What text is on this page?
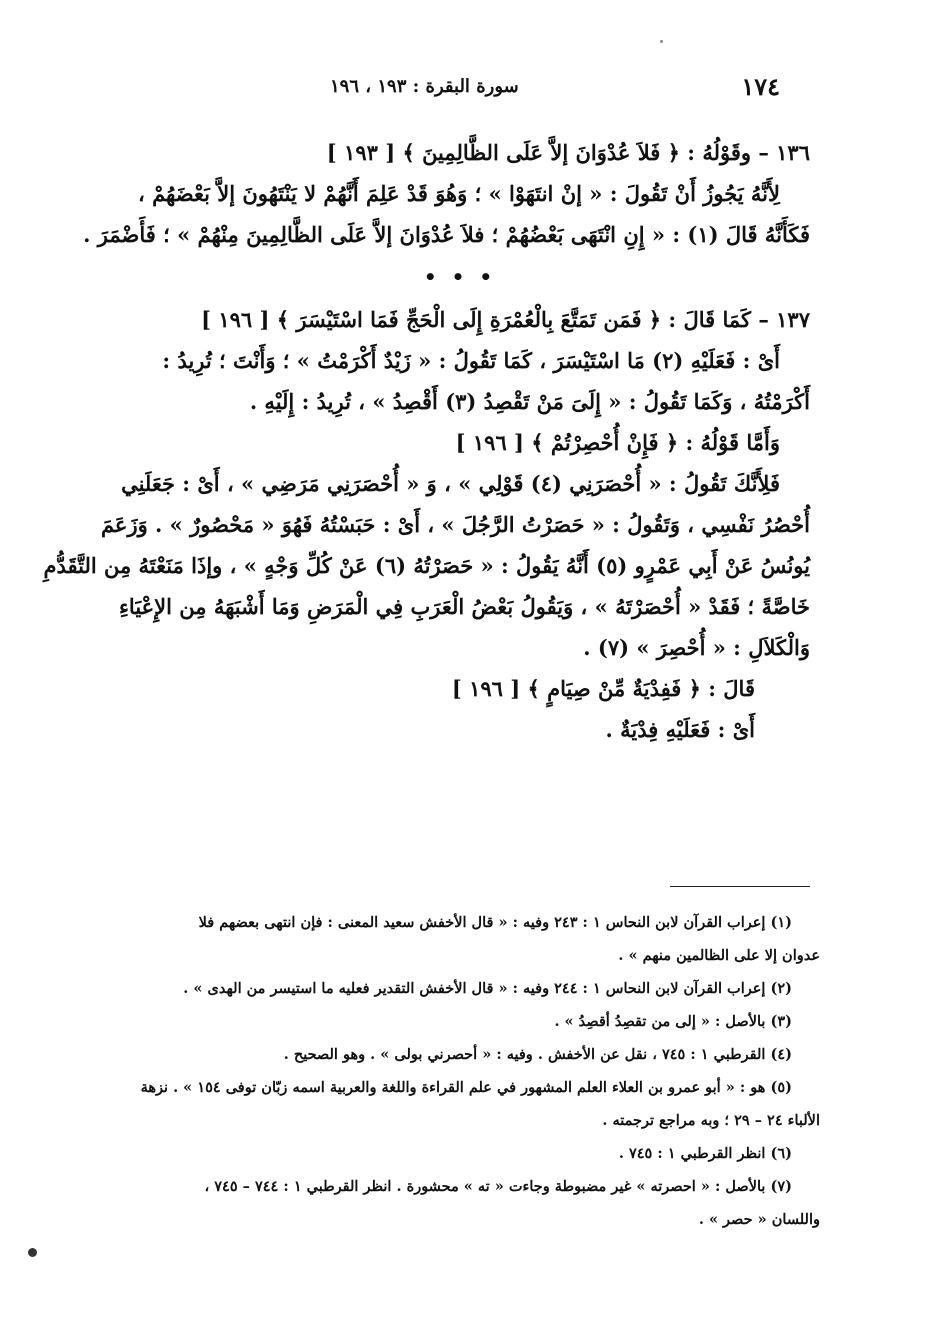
١٧٤
سورة البقرة : ١٩٣ ، ١٩٦
١٣٦ – وقَوْلُهُ : ﴿ فَلاَ عُدْوَانَ إلاَّ عَلَى الظَّالِمِينَ ﴾ [ ١٩٣ ]
لِأَنَّهُ يَجُوزُ أَنْ تَقُولَ : « إنْ انتَهَوْا » ؛ وَهُوَ قَدْ عَلِمَ أَنَّهُمْ لا يَنْتَهُونَ إلاَّ بَعْضَهُمْ ،
فَكَأَنَّهُ قَالَ (١) : « إِنِ انْتَهَى بَعْضُهُمْ ؛ فلاَ عُدْوَانَ إلاَّ عَلَى الظَّالِمِينَ مِنْهُمْ » ؛ فَأَضْمَرَ .
• • •
١٣٧ – كَمَا قَالَ : ﴿ فَمَن تَمَتَّعَ بِالْعُمْرَةِ إِلَى الْحَجِّ فَمَا اسْتَيْسَرَ ﴾ [ ١٩٦ ]
أَىْ : فَعَلَيْهِ (٢) مَا اسْتَيْسَرَ ، كَمَا تَقُولُ : « زَيْدٌ أَكْرَمْتُ » ؛ وَأَنْتَ ؛ تُرِيدُ :
أَكْرَمْتُهُ ، وَكَمَا تَقُولُ : « إِلَىَ مَنْ تَقْصِدُ (٣) أَقْصِدُ » ، تُرِيدُ : إِلَيْهِ .
وَأَمَّا قَوْلُهُ : ﴿ فَإِنْ أُحْصِرْتُمْ ﴾ [ ١٩٦ ]
فَلِأَنَّكَ تَقُولُ : « أُحْصَرَنِي (٤) قَوْلِي » ، وَ « أُحْصَرَنِي مَرَضِي » ، أَىْ : جَعَلَنِي
أُحْصُرُ نَفْسِي ، وَتَقُولُ : « حَصَرْتُ الرَّجُلَ » ، أَىْ : حَبَسْتُهُ فَهُوَ « مَحْصُورٌ » . وَزَعَمَ
يُونُسُ عَنْ أَبِي عَمْرٍو (٥) أَنَّهُ يَقُولُ : « حَصَرْتُهُ (٦) عَنْ كُلِّ وَجْهٍ » ، وإذَا مَنَعْتَهُ مِن التَّقَدُّمِ
خَاصَّةً ؛ فَقَدْ « أُحْصَرْتَهُ » ، وَيَقُولُ بَعْضُ الْعَرَبِ فِي الْمَرَضِ وَمَا أَشْبَهَهُ مِن الإِعْيَاءِ
وَالْكَلاَلِ : « أُحْصِرَ » (٧) .
قَالَ : ﴿ فَفِدْيَةٌ مِّنْ صِيَامٍ ﴾ [ ١٩٦ ]
أَىْ : فَعَلَيْهِ فِدْيَةٌ .
(١) إعراب القرآن لابن النحاس ١ : ٢٤٣ وفيه : « قال الأخفش سعيد المعنى : فإن انتهى بعضهم فلا
عدوان إلا على الظالمين منهم » .
(٢) إعراب القرآن لابن النحاس ١ : ٢٤٤ وفيه : « قال الأخفش التقدير فعليه ما استيسر من الهدى » .
(٣) بالأصل : « إلى من تقصِدُ أقصِدُ » .
(٤) القرطبي ١ : ٧٤٥ ، نقل عن الأخفش . وفيه : « أحصرني بولى » . وهو الصحيح .
(٥) هو : « أبو عمرو بن العلاء العلم المشهور في علم القراءة واللغة والعربية اسمه زبّان توفى ١٥٤ » . نزهة
الألباء ٢٤ – ٢٩ ؛ وبه مراجع ترجمته .
(٦) انظر القرطبي ١ : ٧٤٥ .
(٧) بالأصل : « احصرته » غير مضبوطة وجاءت « ته » محشورة . انظر القرطبي ١ : ٧٤٤ – ٧٤٥ ،
واللسان « حصر » .
